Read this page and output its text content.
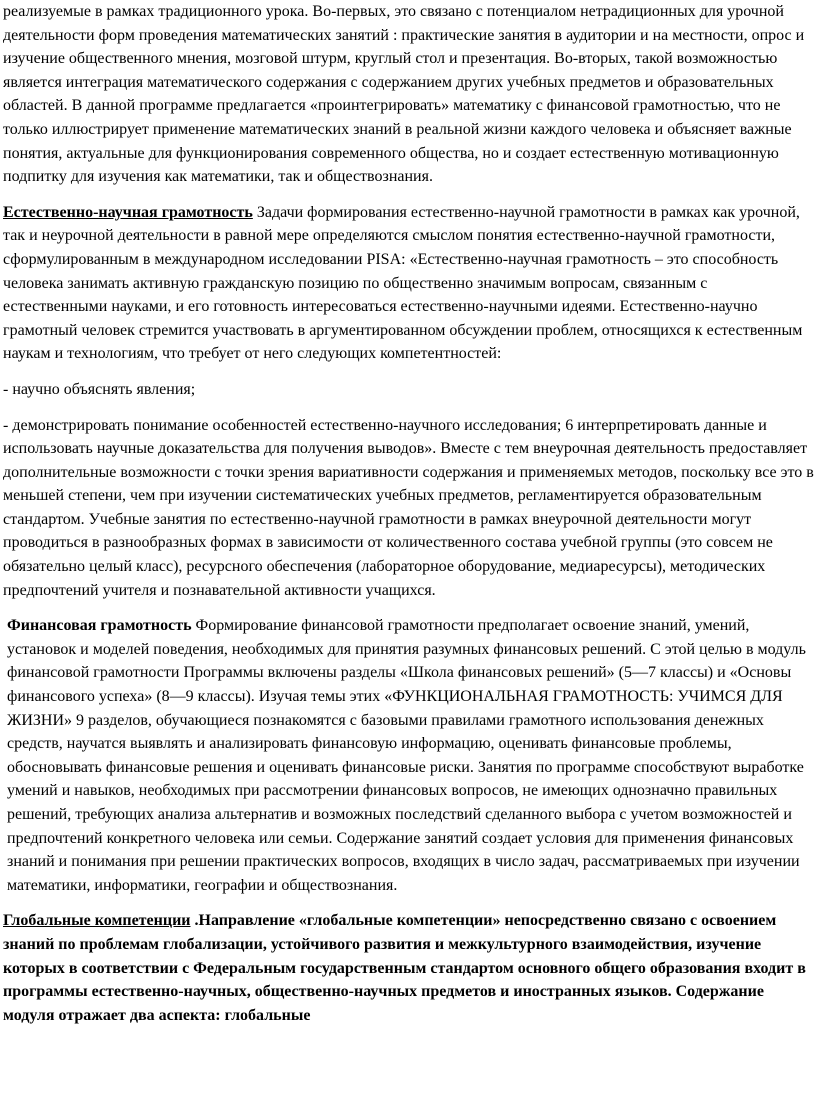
реализуемые в рамках традиционного урока. Во-первых, это связано с потенциалом нетрадиционных для урочной деятельности форм проведения математических занятий : практические занятия в аудитории и на местности, опрос и изучение общественного мнения, мозговой штурм, круглый стол и презентация. Во-вторых, такой возможностью является интеграция математического содержания с содержанием других учебных предметов и образовательных областей. В данной программе предлагается «проинтегрировать» математику с финансовой грамотностью, что не только иллюстрирует применение математических знаний в реальной жизни каждого человека и объясняет важные понятия, актуальные для функционирования современного общества, но и создает естественную мотивационную подпитку для изучения как математики, так и обществознания.

Естественно-научная грамотность Задачи формирования естественно-научной грамотности в рамках как урочной, так и неурочной деятельности в равной мере определяются смыслом понятия естественно-научной грамотности, сформулированным в международном исследовании PISA: «Естественно-научная грамотность – это способность человека занимать активную гражданскую позицию по общественно значимым вопросам, связанным с естественными науками, и его готовность интересоваться естественно-научными идеями. Естественно-научно грамотный человек стремится участвовать в аргументированном обсуждении проблем, относящихся к естественным наукам и технологиям, что требует от него следующих компетентностей:

- научно объяснять явления;

- демонстрировать понимание особенностей естественно-научного исследования; 6 интерпретировать данные и использовать научные доказательства для получения выводов». Вместе с тем внеурочная деятельность предоставляет дополнительные возможности с точки зрения вариативности содержания и применяемых методов, поскольку все это в меньшей степени, чем при изучении систематических учебных предметов, регламентируется образовательным стандартом. Учебные занятия по естественно-научной грамотности в рамках внеурочной деятельности могут проводиться в разнообразных формах в зависимости от количественного состава учебной группы (это совсем не обязательно целый класс), ресурсного обеспечения (лабораторное оборудование, медиаресурсы), методических предпочтений учителя и познавательной активности учащихся.

Финансовая грамотность Формирование финансовой грамотности предполагает освоение знаний, умений, установок и моделей поведения, необходимых для принятия разумных финансовых решений. С этой целью в модуль финансовой грамотности Программы включены разделы «Школа финансовых решений» (5—7 классы) и «Основы финансового успеха» (8—9 классы). Изучая темы этих «ФУНКЦИОНАЛЬНАЯ ГРАМОТНОСТЬ: УЧИМСЯ ДЛЯ ЖИЗНИ» 9 разделов, обучающиеся познакомятся с базовыми правилами грамотного использования денежных средств, научатся выявлять и анализировать финансовую информацию, оценивать финансовые проблемы, обосновывать финансовые решения и оценивать финансовые риски. Занятия по программе способствуют выработке умений и навыков, необходимых при рассмотрении финансовых вопросов, не имеющих однозначно правильных решений, требующих анализа альтернатив и возможных последствий сделанного выбора с учетом возможностей и предпочтений конкретного человека или семьи. Содержание занятий создает условия для применения финансовых знаний и понимания при решении практических вопросов, входящих в число задач, рассматриваемых при изучении математики, информатики, географии и обществознания.

Глобальные компетенции .Направление «глобальные компетенции» непосредственно связано с освоением знаний по проблемам глобализации, устойчивого развития и межкультурного взаимодействия, изучение которых в соответствии с Федеральным государственным стандартом основного общего образования входит в программы естественно-научных, общественно-научных предметов и иностранных языков. Содержание модуля отражает два аспекта: глобальные
